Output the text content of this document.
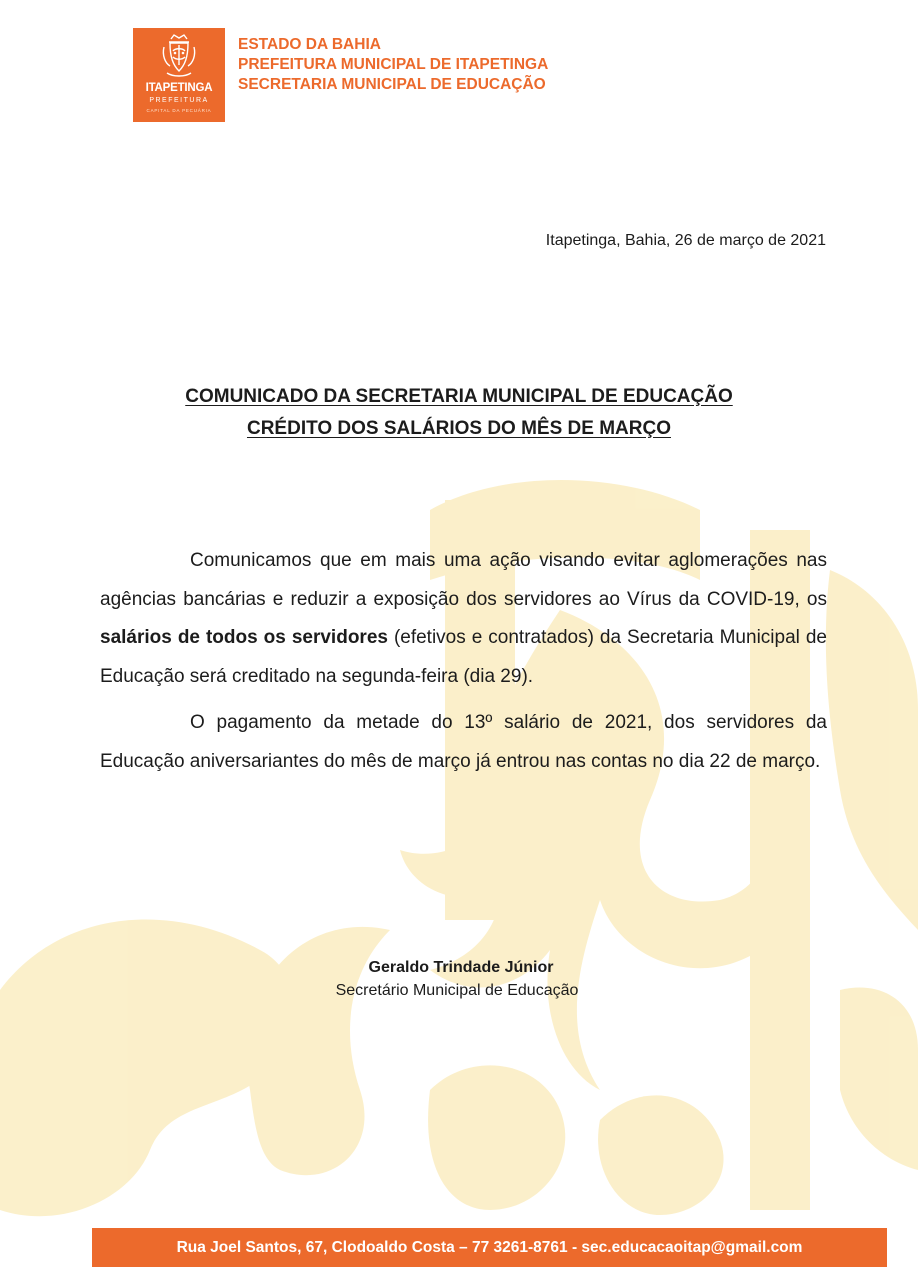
ITAPETINGA
PREFEITURA
CAPITAL DA PECUÁRIA
ESTADO DA BAHIA
PREFEITURA MUNICIPAL DE ITAPETINGA
SECRETARIA MUNICIPAL DE EDUCAÇÃO
Itapetinga, Bahia, 26 de março de 2021
COMUNICADO DA SECRETARIA MUNICIPAL DE EDUCAÇÃO
CRÉDITO DOS SALÁRIOS DO MÊS DE MARÇO

Comunicamos que em mais uma ação visando evitar aglomerações nas agências bancárias e reduzir a exposição dos servidores ao Vírus da COVID-19, os salários de todos os servidores (efetivos e contratados) da Secretaria Municipal de Educação será creditado na segunda-feira (dia 29).

O pagamento da metade do 13º salário de 2021, dos servidores da Educação aniversariantes do mês de março já entrou nas contas no dia 22 de março.

Geraldo Trindade Júnior
Secretário Municipal de Educação
Rua Joel Santos, 67, Clodoaldo Costa – 77 3261-8761 - sec.educacaoitap@gmail.com
